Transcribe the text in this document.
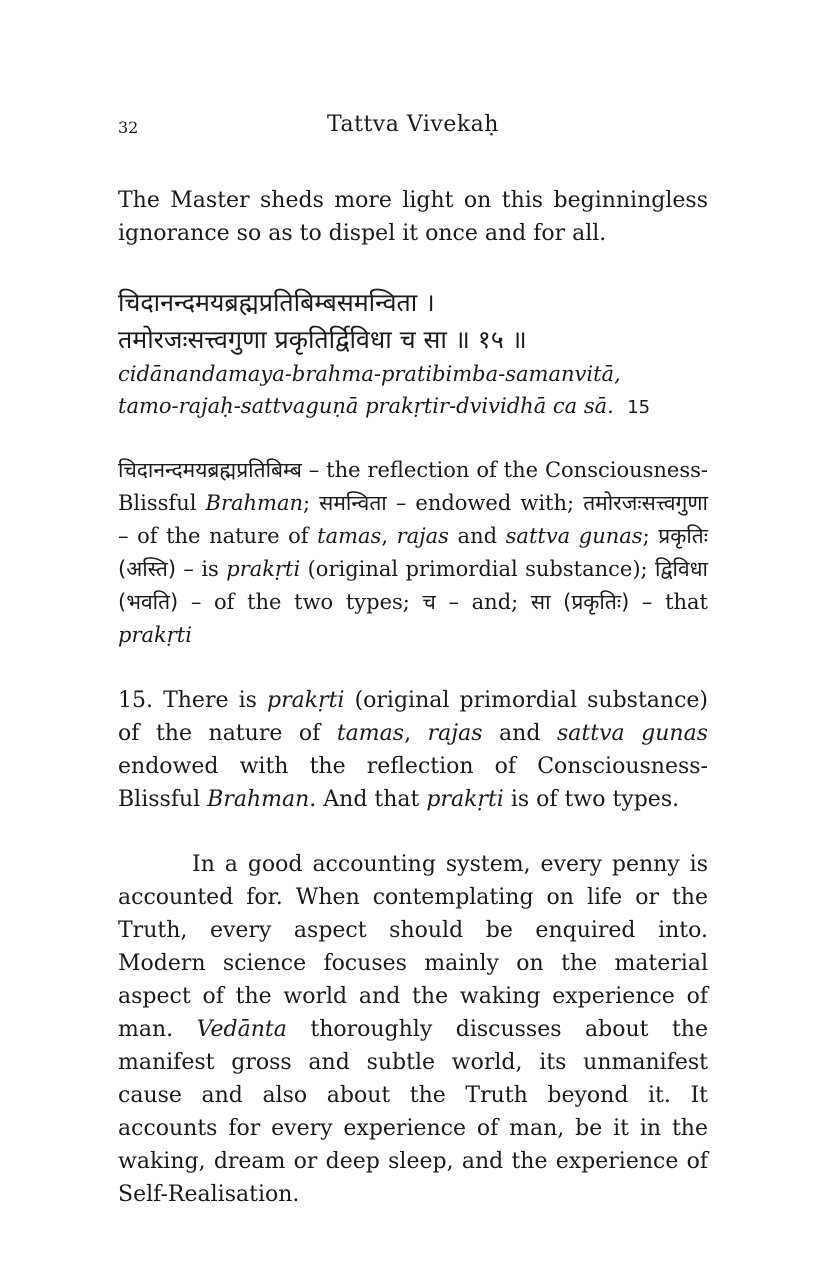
32	Tattva Vivekaḥ

The Master sheds more light on this beginningless ignorance so as to dispel it once and for all.

चिदानन्दमयब्रह्मप्रतिबिम्बसमन्विता ।
तमोरजःसत्त्वगुणा प्रकृतिर्द्विविधा च सा ॥ १५ ॥
cidānandamaya-brahma-pratibimba-samanvitā,
tamo-rajaḥ-sattvaguṇā prakṛtir-dvividhā ca sā. 15

चिदानन्दमयब्रह्मप्रतिबिम्ब – the reflection of the Consciousness-Blissful Brahman; समन्विता – endowed with; तमोरजःसत्त्वगुणा – of the nature of tamas, rajas and sattva gunas; प्रकृतिः (अस्ति) – is prakṛti (original primordial substance); द्विविधा (भवति) – of the two types; च – and; सा (प्रकृतिः) – that prakṛti

15. There is prakṛti (original primordial substance) of the nature of tamas, rajas and sattva gunas endowed with the reflection of Consciousness-Blissful Brahman. And that prakṛti is of two types.

In a good accounting system, every penny is accounted for. When contemplating on life or the Truth, every aspect should be enquired into. Modern science focuses mainly on the material aspect of the world and the waking experience of man. Vedānta thoroughly discusses about the manifest gross and subtle world, its unmanifest cause and also about the Truth beyond it. It accounts for every experience of man, be it in the waking, dream or deep sleep, and the experience of Self-Realisation.
